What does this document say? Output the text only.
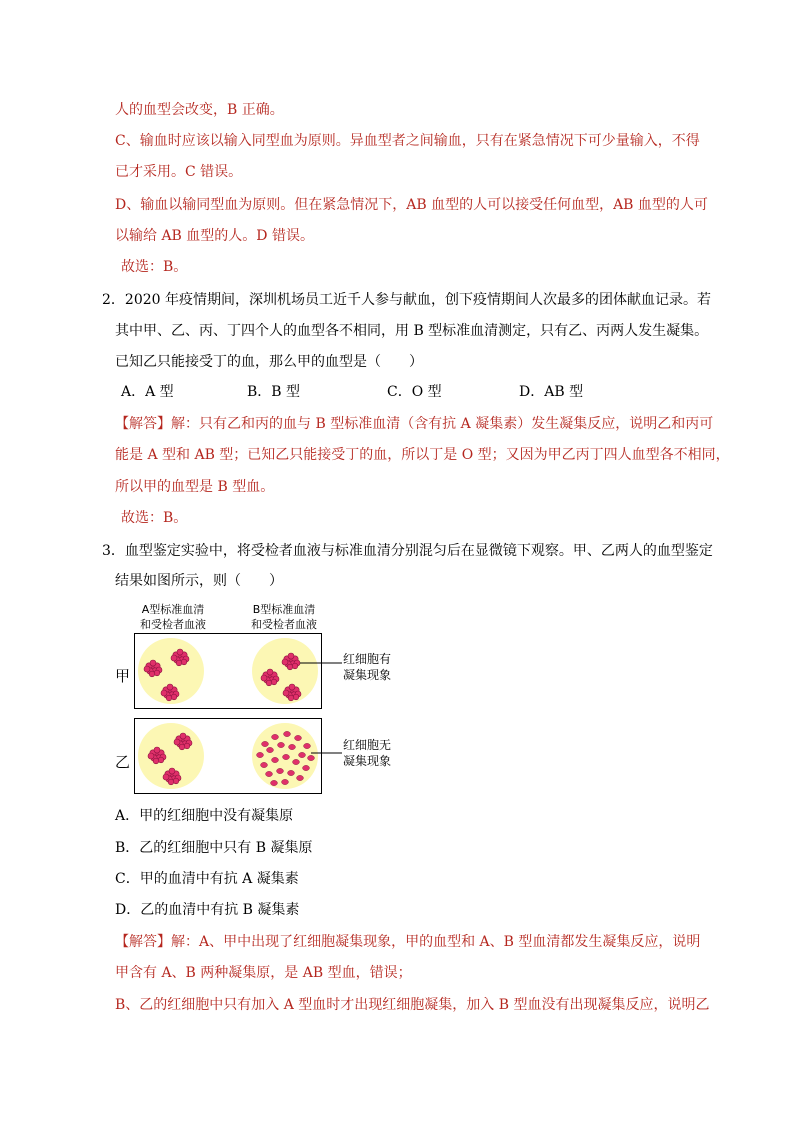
人的血型会改变，B 正确。
C、输血时应该以输入同型血为原则。异血型者之间输血，只有在紧急情况下可少量输入，不得
已才采用。C 错误。
D、输血以输同型血为原则。但在紧急情况下，AB 血型的人可以接受任何血型，AB 血型的人可
以输给 AB 血型的人。D 错误。
故选：B。
2．2020 年疫情期间，深圳机场员工近千人参与献血，创下疫情期间人次最多的团体献血记录。若
其中甲、乙、丙、丁四个人的血型各不相同，用 B 型标准血清测定，只有乙、丙两人发生凝集。
已知乙只能接受丁的血，那么甲的血型是（　　）
A．A 型	B．B 型	C．O 型	D．AB 型
【解答】解：只有乙和丙的血与 B 型标准血清（含有抗 A 凝集素）发生凝集反应，说明乙和丙可
能是 A 型和 AB 型；已知乙只能接受丁的血，所以丁是 O 型；又因为甲乙丙丁四人血型各不相同，
所以甲的血型是 B 型血。
故选：B。
3．血型鉴定实验中，将受检者血液与标准血清分别混匀后在显微镜下观察。甲、乙两人的血型鉴定
结果如图所示，则（　　）
A型标准血清
和受检者血液
B型标准血清
和受检者血液
甲
乙
红细胞有
凝集现象
红细胞无
凝集现象
A．甲的红细胞中没有凝集原
B．乙的红细胞中只有 B 凝集原
C．甲的血清中有抗 A 凝集素
D．乙的血清中有抗 B 凝集素
【解答】解：A、甲中出现了红细胞凝集现象，甲的血型和 A、B 型血清都发生凝集反应，说明
甲含有 A、B 两种凝集原，是 AB 型血，错误；
B、乙的红细胞中只有加入 A 型血时才出现红细胞凝集，加入 B 型血没有出现凝集反应，说明乙
